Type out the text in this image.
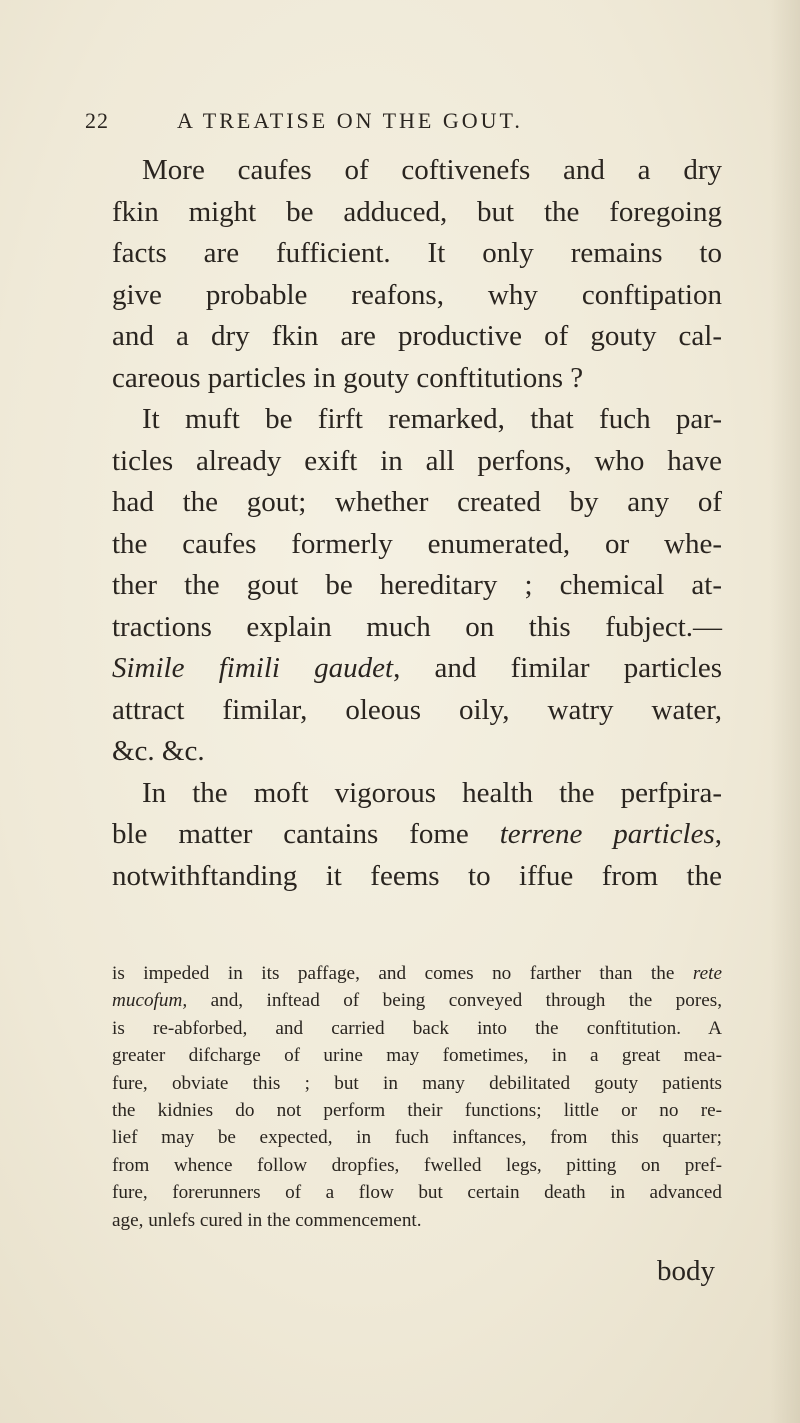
22	A TREATISE ON THE GOUT.
More caufes of coftivenefs and a dry
fkin might be adduced, but the foregoing
facts are fufficient. It only remains to
give probable reafons, why conftipation
and a dry fkin are productive of gouty cal-
careous particles in gouty conftitutions ?
It muft be firft remarked, that fuch par-
ticles already exift in all perfons, who have
had the gout; whether created by any of
the caufes formerly enumerated, or whe-
ther the gout be hereditary ; chemical at-
tractions explain much on this fubject.—
Simile fimili gaudet, and fimilar particles
attract fimilar, oleous oily, watry water,
&c. &c.
In the moft vigorous health the perfpira-
ble matter cantains fome terrene particles,
notwithftanding it feems to iffue from the
is impeded in its paffage, and comes no farther than the rete
mucofum, and, inftead of being conveyed through the pores,
is re-abforbed, and carried back into the conftitution. A
greater difcharge of urine may fometimes, in a great mea-
fure, obviate this ; but in many debilitated gouty patients
the kidnies do not perform their functions; little or no re-
lief may be expected, in fuch inftances, from this quarter;
from whence follow dropfies, fwelled legs, pitting on pref-
fure, forerunners of a flow but certain death in advanced
age, unlefs cured in the commencement.
body
